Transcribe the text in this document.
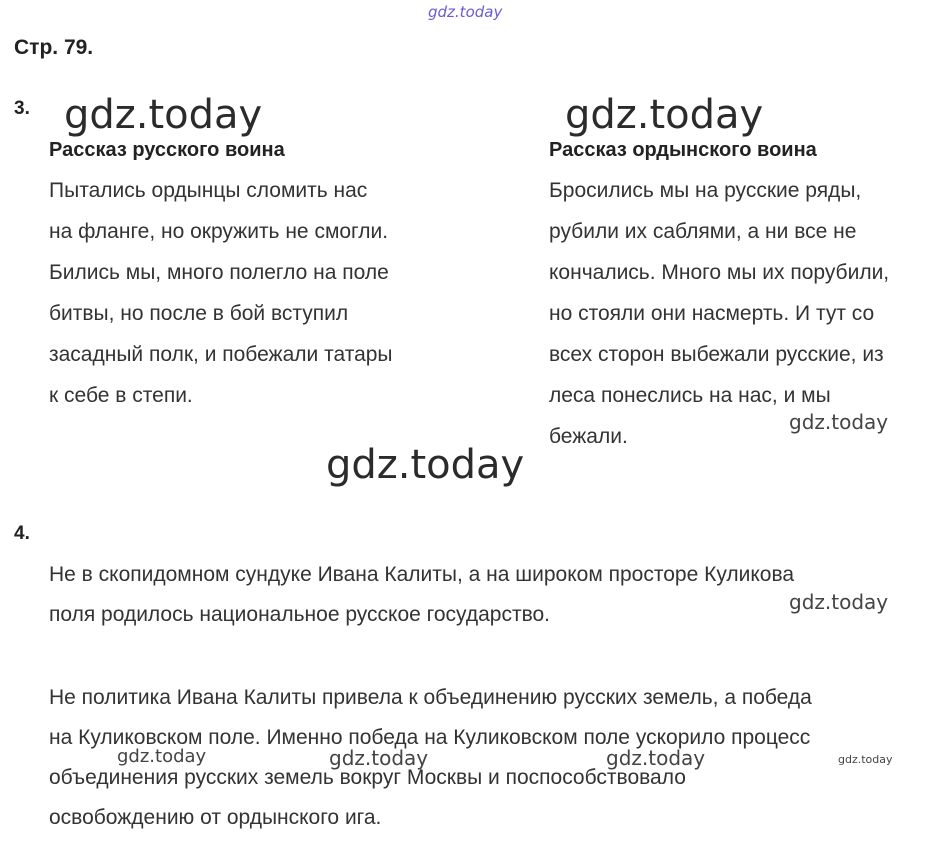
gdz.today
Стр. 79.
3. gdz.today	gdz.today
Рассказ русского воина	Рассказ ордынского воина
Пытались ордынцы сломить нас
на фланге, но окружить не смогли.
Бились мы, много полегло на поле
битвы, но после в бой вступил
засадный полк, и побежали татары
к себе в степи.
Бросились мы на русские ряды,
рубили их саблями, а ни все не
кончались. Много мы их порубили,
но стояли они насмерть. И тут со
всех сторон выбежали русские, из
леса понеслись на нас, и мы
бежали.
gdz.today
gdz.today
4.
Не в скопидомном сундуке Ивана Калиты, а на широком просторе Куликова
поля родилось национальное русское государство.
gdz.today
Не политика Ивана Калиты привела к объединению русских земель, а победа
на Куликовском поле. Именно победа на Куликовском поле ускорило процесс
объединения русских земель вокруг Москвы и поспособствовало
освобождению от ордынского ига.
gdz.today	gdz.today	gdz.today	gdz.today
